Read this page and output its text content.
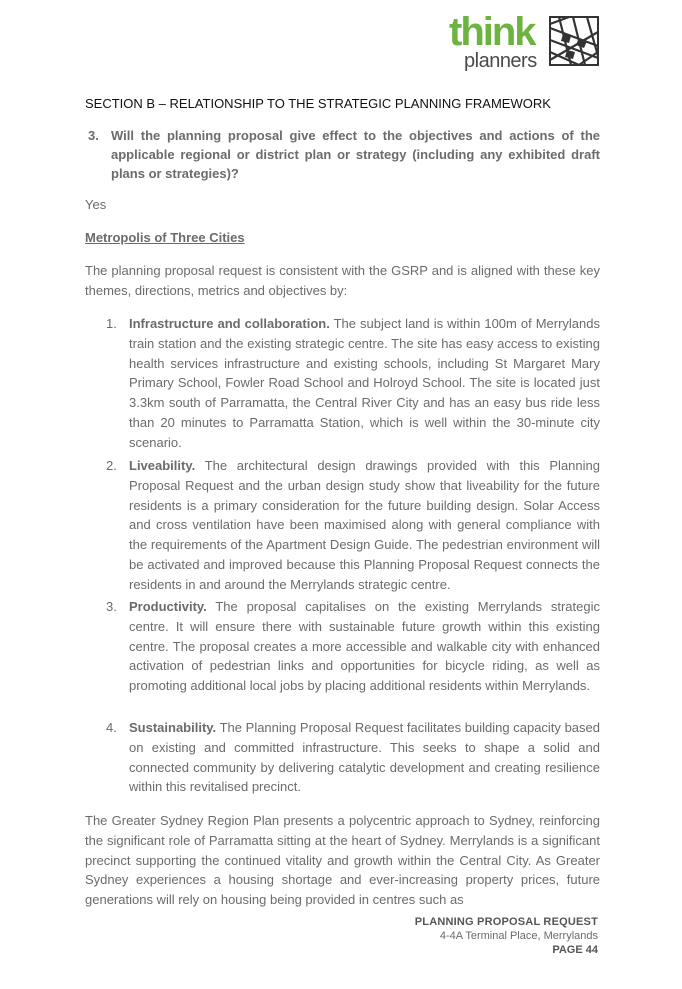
think
planners
SECTION B – RELATIONSHIP TO THE STRATEGIC PLANNING FRAMEWORK
3. Will the planning proposal give effect to the objectives and actions of the applicable regional or district plan or strategy (including any exhibited draft plans or strategies)?
Yes
Metropolis of Three Cities

The planning proposal request is consistent with the GSRP and is aligned with these key themes, directions, metrics and objectives by:

1. Infrastructure and collaboration. The subject land is within 100m of Merrylands train station and the existing strategic centre. The site has easy access to existing health services infrastructure and existing schools, including St Margaret Mary Primary School, Fowler Road School and Holroyd School. The site is located just 3.3km south of Parramatta, the Central River City and has an easy bus ride less than 20 minutes to Parramatta Station, which is well within the 30-minute city scenario.

2. Liveability. The architectural design drawings provided with this Planning Proposal Request and the urban design study show that liveability for the future residents is a primary consideration for the future building design. Solar Access and cross ventilation have been maximised along with general compliance with the requirements of the Apartment Design Guide. The pedestrian environment will be activated and improved because this Planning Proposal Request connects the residents in and around the Merrylands strategic centre.

3. Productivity. The proposal capitalises on the existing Merrylands strategic centre. It will ensure there with sustainable future growth within this existing centre. The proposal creates a more accessible and walkable city with enhanced activation of pedestrian links and opportunities for bicycle riding, as well as promoting additional local jobs by placing additional residents within Merrylands.

4. Sustainability. The Planning Proposal Request facilitates building capacity based on existing and committed infrastructure. This seeks to shape a solid and connected community by delivering catalytic development and creating resilience within this revitalised precinct.

The Greater Sydney Region Plan presents a polycentric approach to Sydney, reinforcing the significant role of Parramatta sitting at the heart of Sydney. Merrylands is a significant precinct supporting the continued vitality and growth within the Central City. As Greater Sydney experiences a housing shortage and ever-increasing property prices, future generations will rely on housing being provided in centres such as

PLANNING PROPOSAL REQUEST
4-4A Terminal Place, Merrylands
PAGE 44
